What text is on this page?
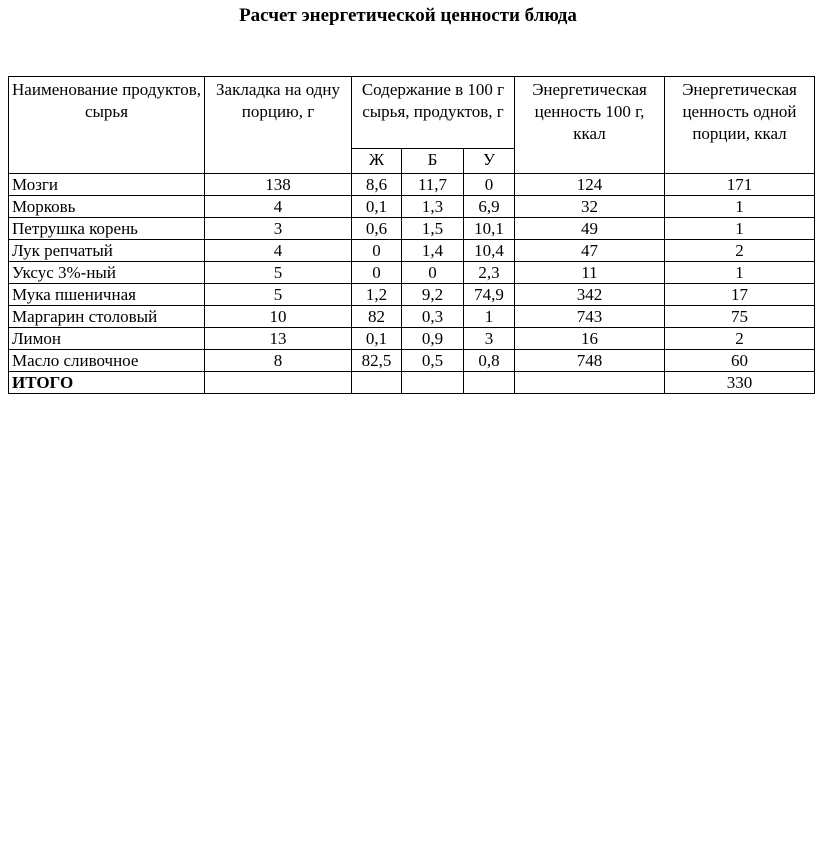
Расчет энергетической ценности блюда
Наименование продуктов, сырья	Закладка на одну порцию, г	Содержание в 100 г сырья, продуктов, г			Энергетическая ценность 100 г, ккал	Энергетическая ценность одной порции, ккал
		Ж	Б	У		
Мозги	138	8,6	11,7	0	124	171
Морковь	4	0,1	1,3	6,9	32	1
Петрушка корень	3	0,6	1,5	10,1	49	1
Лук репчатый	4	0	1,4	10,4	47	2
Уксус 3%-ный	5	0	0	2,3	11	1
Мука пшеничная	5	1,2	9,2	74,9	342	17
Маргарин столовый	10	82	0,3	1	743	75
Лимон	13	0,1	0,9	3	16	2
Масло сливочное	8	82,5	0,5	0,8	748	60
ИТОГО						330
